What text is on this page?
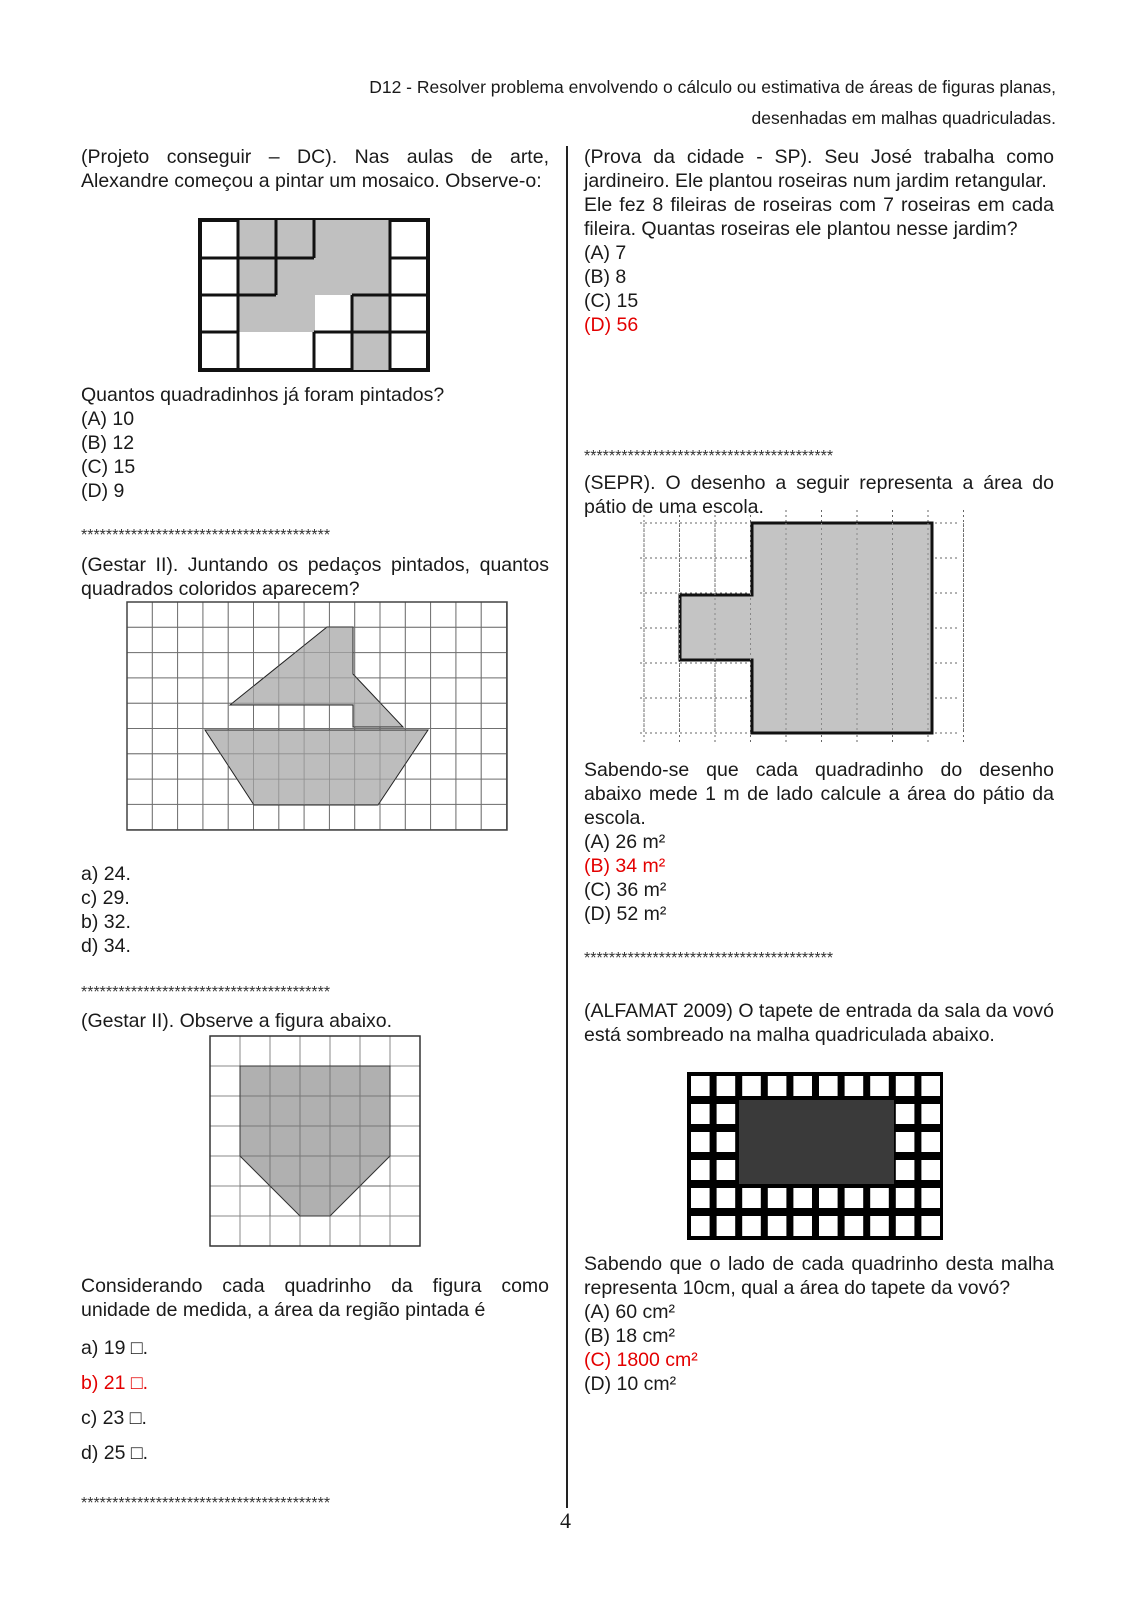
D12 - Resolver problema envolvendo o cálculo ou estimativa de áreas de figuras planas,
desenhadas em malhas quadriculadas.
(Projeto conseguir – DC). Nas aulas de arte, Alexandre começou a pintar um mosaico. Observe-o:

Quantos quadradinhos já foram pintados?

(A) 10

(B) 12

(C) 15

(D) 9

****************************************
(Gestar II). Juntando os pedaços pintados, quantos quadrados coloridos aparecem?

a) 24.

c) 29.

b) 32.

d) 34.

****************************************
(Gestar II). Observe a figura abaixo.
Considerando cada quadrinho da figura como unidade de medida, a área da região pintada é

a) 19 □.

b) 21 □.

c) 23 □.

d) 25 □.

****************************************

(Prova da cidade - SP). Seu José trabalha como jardineiro. Ele plantou roseiras num jardim retangular.

Ele fez 8 fileiras de roseiras com 7 roseiras em cada fileira. Quantas roseiras ele plantou nesse jardim?

(A) 7

(B) 8

(C) 15

(D) 56

****************************************
(SEPR). O desenho a seguir representa a área do pátio de uma escola.

Sabendo-se que cada quadradinho do desenho abaixo mede 1 m de lado calcule a área do pátio da escola.

(A) 26 m²

(B) 34 m²

(C) 36 m²

(D) 52 m²

****************************************
(ALFAMAT 2009) O tapete de entrada da sala da vovó está sombreado na malha quadriculada abaixo.

Sabendo que o lado de cada quadrinho desta malha representa 10cm, qual a área do tapete da vovó?

(A) 60 cm²

(B) 18 cm²

(C) 1800 cm²

(D) 10 cm²

4
